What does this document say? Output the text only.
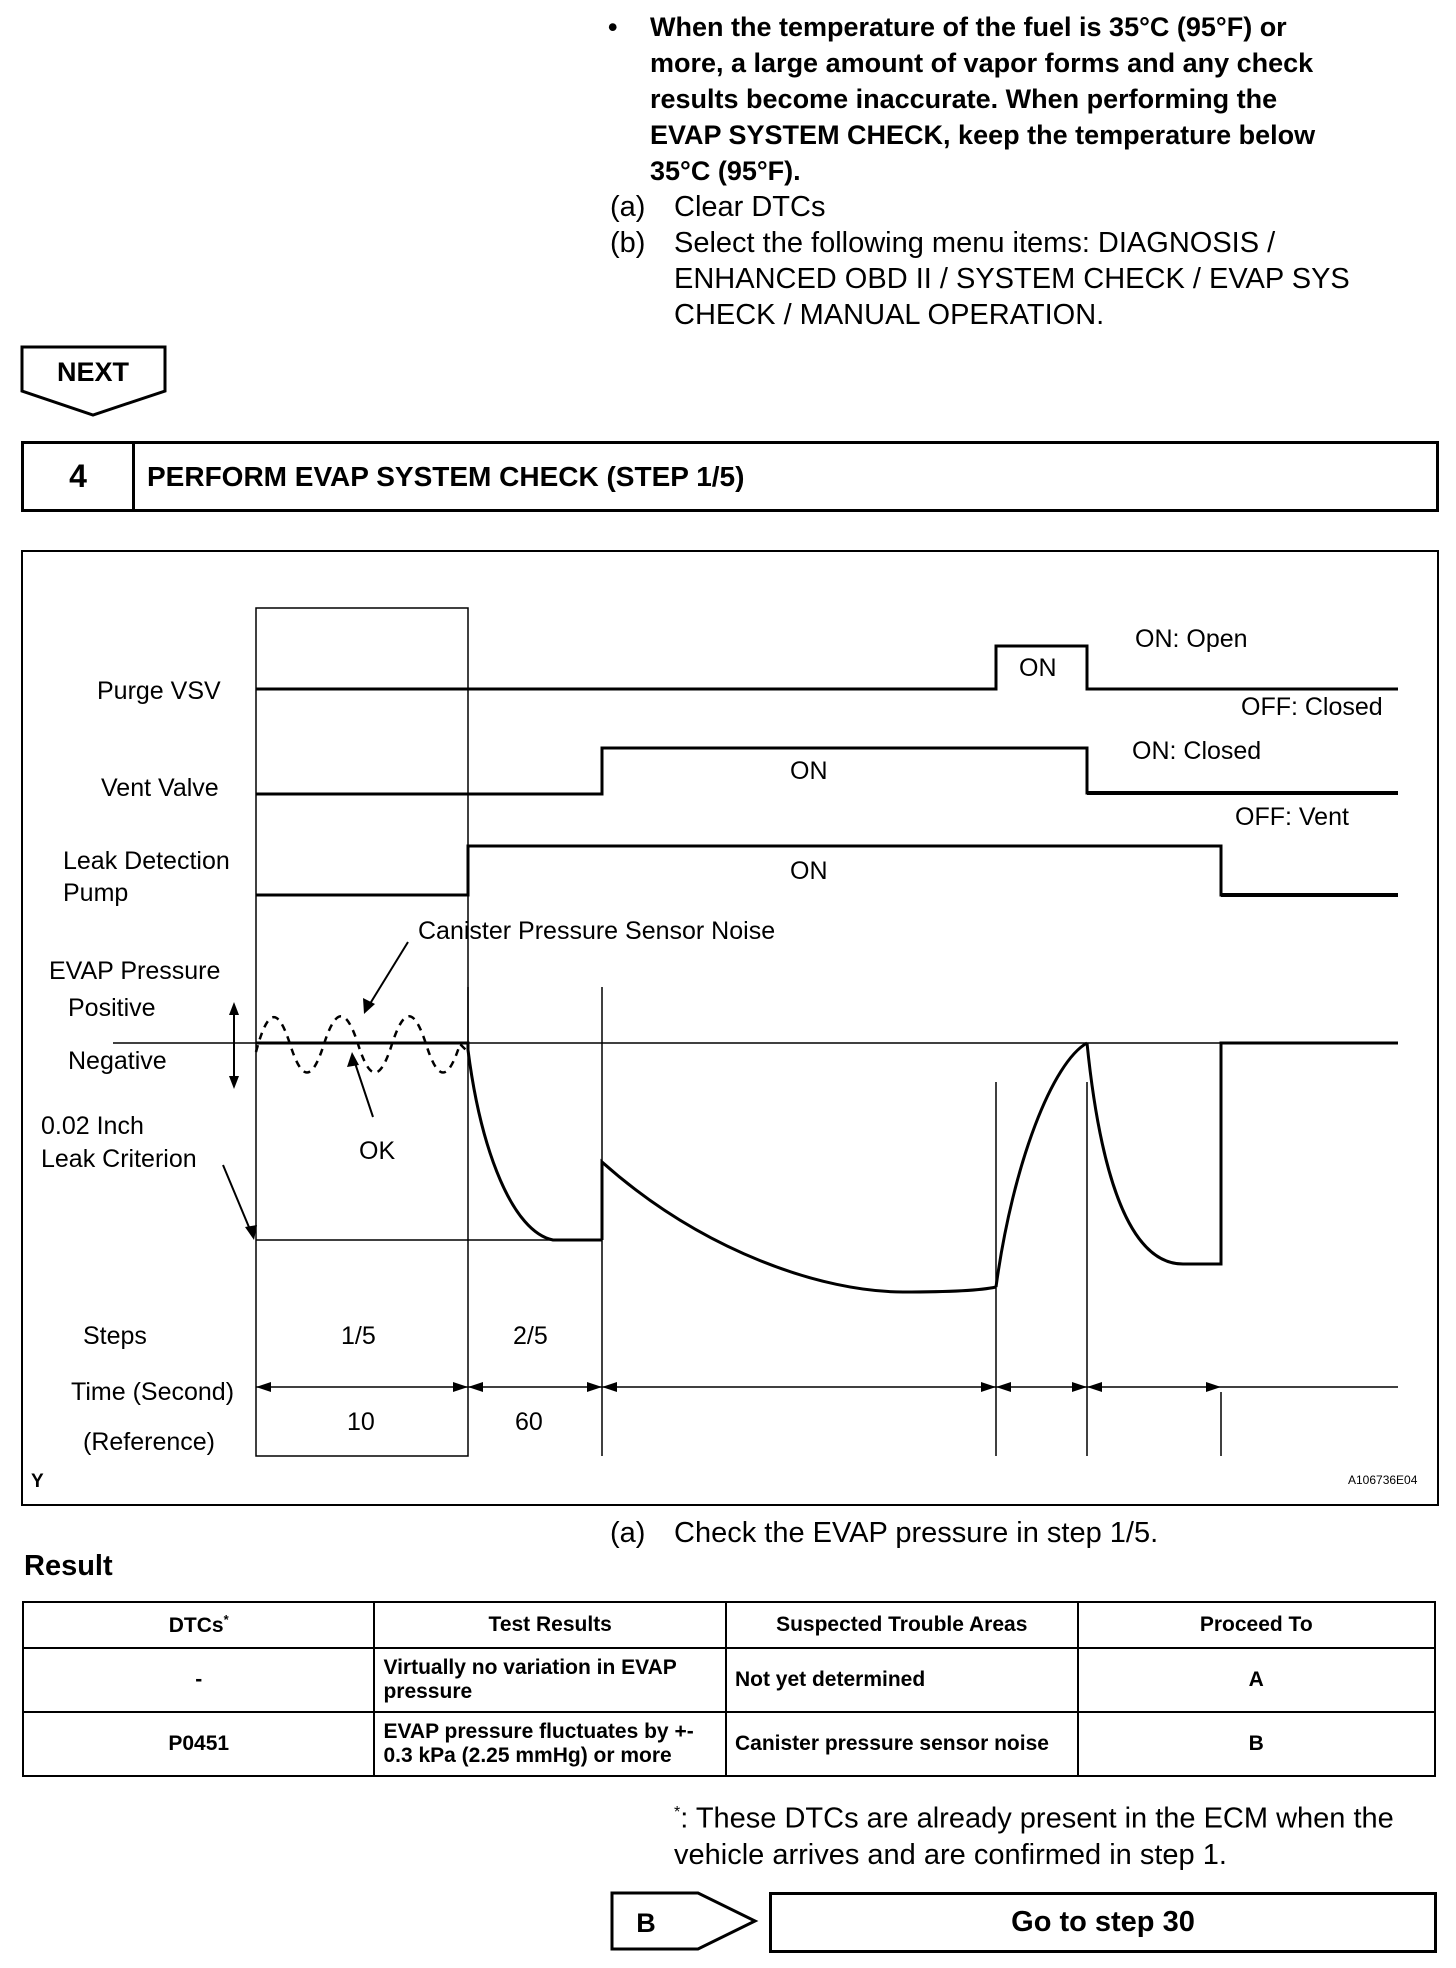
• When the temperature of the fuel is 35°C (95°F) or
more, a large amount of vapor forms and any check
results become inaccurate. When performing the
EVAP SYSTEM CHECK, keep the temperature below
35°C (95°F).
(a) Clear DTCs
(b) Select the following menu items: DIAGNOSIS /
ENHANCED OBD II / SYSTEM CHECK / EVAP SYS
CHECK / MANUAL OPERATION.
NEXT
4	PERFORM EVAP SYSTEM CHECK (STEP 1/5)
Purge VSV
Vent Valve
Leak Detection
Pump
EVAP Pressure
Positive
Negative
0.02 Inch
Leak Criterion
Canister Pressure Sensor Noise
OK
Steps
Time (Second)
(Reference)
ON
ON
ON
ON: Open
OFF: Closed
ON: Closed
OFF: Vent
1/5	2/5
10	60
Y	A106736E04
(a) Check the EVAP pressure in step 1/5.
Result
DTCs*	Test Results	Suspected Trouble Areas	Proceed To
-	Virtually no variation in EVAP
pressure	Not yet determined	A
P0451	EVAP pressure fluctuates by +-
0.3 kPa (2.25 mmHg) or more	Canister pressure sensor noise	B
*: These DTCs are already present in the ECM when the
vehicle arrives and are confirmed in step 1.
B	Go to step 30
